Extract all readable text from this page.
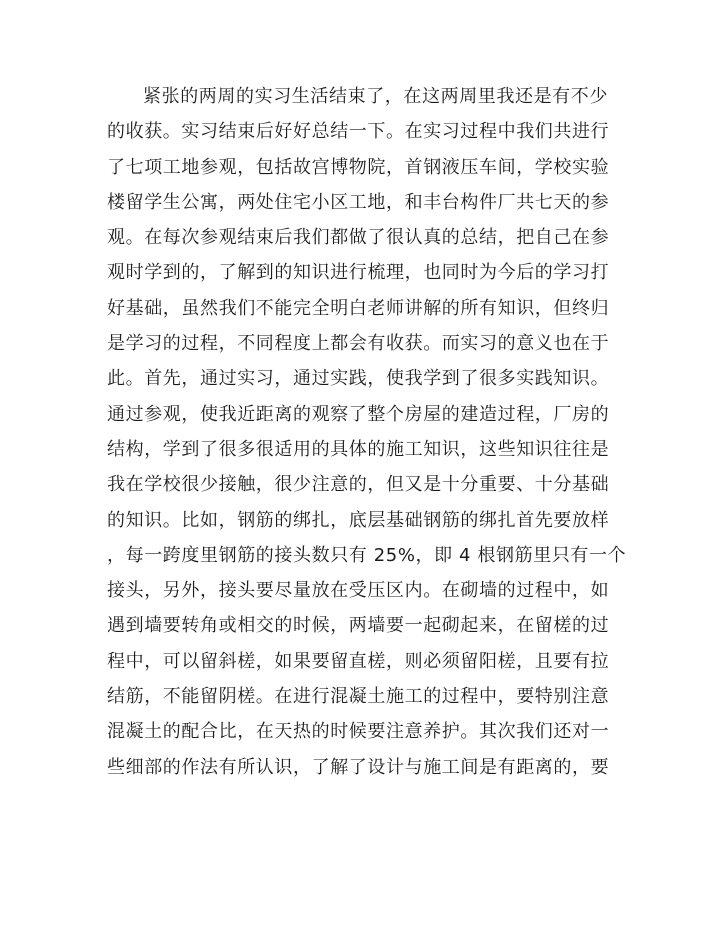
紧张的两周的实习生活结束了，在这两周里我还是有不少
的收获。实习结束后好好总结一下。在实习过程中我们共进行
了七项工地参观，包括故宫博物院，首钢液压车间，学校实验
楼留学生公寓，两处住宅小区工地，和丰台构件厂共七天的参
观。在每次参观结束后我们都做了很认真的总结，把自己在参
观时学到的，了解到的知识进行梳理，也同时为今后的学习打
好基础，虽然我们不能完全明白老师讲解的所有知识，但终归
是学习的过程，不同程度上都会有收获。而实习的意义也在于
此。首先，通过实习，通过实践，使我学到了很多实践知识。
通过参观，使我近距离的观察了整个房屋的建造过程，厂房的
结构，学到了很多很适用的具体的施工知识，这些知识往往是
我在学校很少接触，很少注意的，但又是十分重要、十分基础
的知识。比如，钢筋的绑扎，底层基础钢筋的绑扎首先要放样
，每一跨度里钢筋的接头数只有 25%，即 4 根钢筋里只有一个
接头，另外，接头要尽量放在受压区内。在砌墙的过程中，如
遇到墙要转角或相交的时候，两墙要一起砌起来，在留槎的过
程中，可以留斜槎，如果要留直槎，则必须留阳槎，且要有拉
结筋，不能留阴槎。在进行混凝土施工的过程中，要特别注意
混凝土的配合比，在天热的时候要注意养护。其次我们还对一
些细部的作法有所认识，了解了设计与施工间是有距离的，要
